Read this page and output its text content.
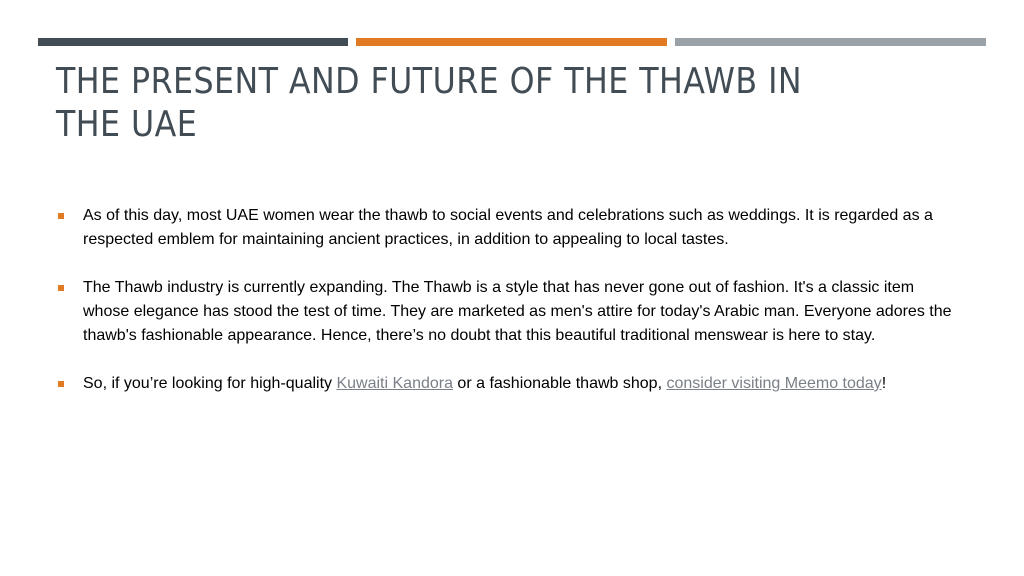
THE PRESENT AND FUTURE OF THE THAWB IN THE UAE
As of this day, most UAE women wear the thawb to social events and celebrations such as weddings. It is regarded as a respected emblem for maintaining ancient practices, in addition to appealing to local tastes.
The Thawb industry is currently expanding. The Thawb is a style that has never gone out of fashion. It's a classic item whose elegance has stood the test of time. They are marketed as men's attire for today's Arabic man. Everyone adores the thawb's fashionable appearance. Hence, there’s no doubt that this beautiful traditional menswear is here to stay.
So, if you’re looking for high-quality Kuwaiti Kandora or a fashionable thawb shop, consider visiting Meemo today!
